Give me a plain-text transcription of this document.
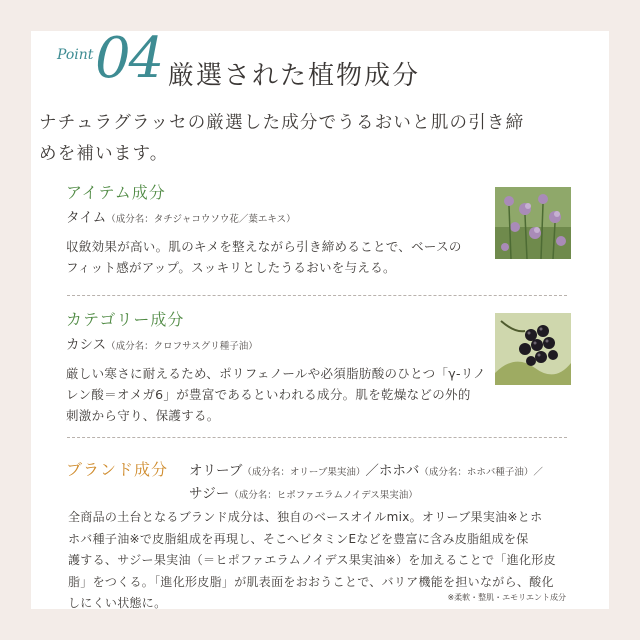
Point 04 厳選された植物成分
ナチュラグラッセの厳選した成分でうるおいと肌の引き締
めを補います。
アイテム成分
タイム（成分名：タチジャコウソウ花／葉エキス）
収斂効果が高い。肌のキメを整えながら引き締めることで、ベースの
フィット感がアップ。スッキリとしたうるおいを与える。
カテゴリー成分
カシス（成分名：クロフサスグリ種子油）
厳しい寒さに耐えるため、ポリフェノールや必須脂肪酸のひとつ「γ-リノ
レン酸＝オメガ6」が豊富であるといわれる成分。肌を乾燥などの外的
刺激から守り、保護する。
ブランド成分 オリーブ（成分名：オリーブ果実油）／ホホバ（成分名：ホホバ種子油）／
サジー（成分名：ヒポファエラムノイデス果実油）
全商品の土台となるブランド成分は、独自のベースオイルmix。オリーブ果実油※とホ
ホバ種子油※で皮脂組成を再現し、そこへビタミンEなどを豊富に含み皮脂組成を保
護する、サジー果実油（＝ヒポファエラムノイデス果実油※）を加えることで「進化形皮
脂」をつくる。「進化形皮脂」が肌表面をおおうことで、バリア機能を担いながら、酸化
しにくい状態に。	※柔軟・整肌・エモリエント成分
